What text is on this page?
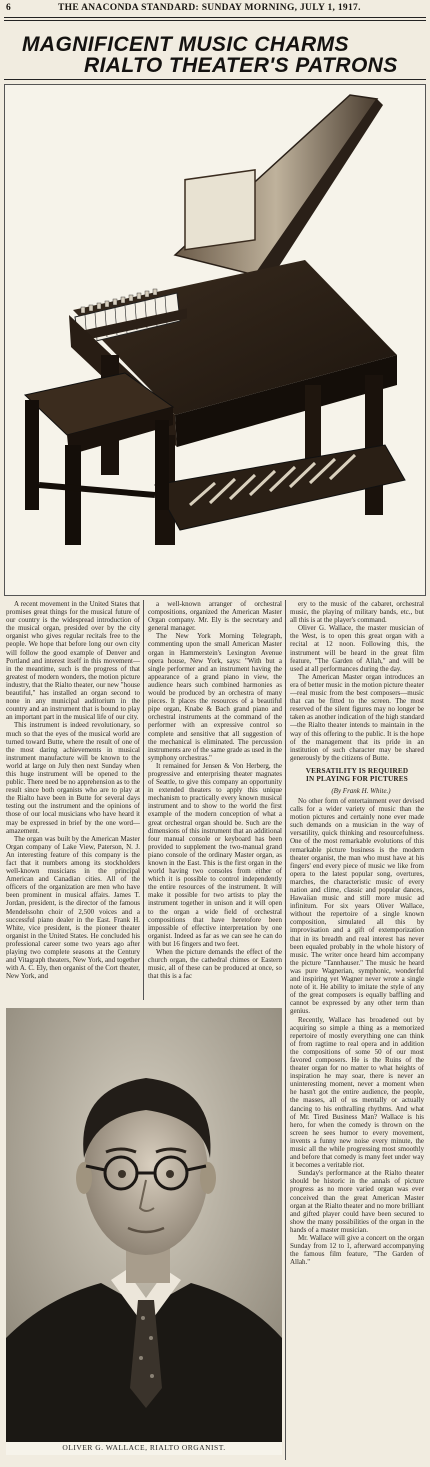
6	THE ANACONDA STANDARD: SUNDAY MORNING, JULY 1, 1917.
MAGNIFICENT MUSIC CHARMS
RIALTO THEATER'S PATRONS

A recent movement in the United States that promises great things for the musical future of our country is the widespread introduction of the musical organ, presided over by the city organist who gives regular recitals free to the people. We hope that before long our own city will follow the good example of Denver and Portland and interest itself in this movement—in the meantime, such is the progress of that greatest of modern wonders, the motion picture industry, that the Rialto theater, our new "house beautiful," has installed an organ second to none in any municipal auditorium in the country and an instrument that is bound to play an important part in the musical life of our city.

This instrument is indeed revolutionary, so much so that the eyes of the musical world are turned toward Butte, where the result of one of the most daring achievements in musical instrument manufacture will be known to the world at large on July then next Sunday when this huge instrument will be opened to the public. There need be no apprehension as to the result since both organists who are to play at the Rialto have been in Butte for several days testing out the instrument and the opinions of those of our local musicians who have heard it may be expressed in brief by the one word—amazement.

The organ was built by the American Master Organ company of Lake View, Paterson, N. J. An interesting feature of this company is the fact that it numbers among its stockholders well-known musicians in the principal American and Canadian cities. All of the officers of the organization are men who have been prominent in musical affairs. James T. Jordan, president, is the director of the famous Mendelssohn choir of 2,500 voices and a successful piano dealer in the East. Frank H. White, vice president, is the pioneer theater organist in the United States. He concluded his professional career some two years ago after playing two complete seasons at the Century and Vitagraph theaters, New York, and together with A. C. Ely, then organist of the Cort theater, New York, and

a well-known arranger of orchestral compositions, organized the American Master Organ company. Mr. Ely is the secretary and general manager.

The New York Morning Telegraph, commenting upon the small American Master organ in Hammerstein's Lexington Avenue opera house, New York, says: "With but a single performer and an instrument having the appearance of a grand piano in view, the audience hears such combined harmonies as would be produced by an orchestra of many pieces. It places the resources of a beautiful pipe organ, Knabe & Bach grand piano and orchestral instruments at the command of the performer with an expressive control so complete and sensitive that all suggestion of the mechanical is eliminated. The percussion instruments are of the same grade as used in the symphony orchestras."

It remained for Jensen & Von Herberg, the progressive and enterprising theater magnates of Seattle, to give this company an opportunity in extended theaters to apply this unique mechanism to practically every known musical instrument and to show to the world the first example of the modern conception of what a great orchestral organ should be. Such are the dimensions of this instrument that an additional four manual console or keyboard has been provided to supplement the two-manual grand piano console of the ordinary Master organ, as known in the East. This is the first organ in the world having two consoles from either of which it is possible to control independently the entire resources of the instrument. It will make it possible for two artists to play the instrument together in unison and it will open to the organ a wide field of orchestral compositions that have heretofore been impossible of effective interpretation by one organist. Indeed as far as we can see he can do with but 16 fingers and two feet.

When the picture demands the effect of the church organ, the cathedral chimes or Eastern music, all of these can be produced at once, so that this is a fac

ery to the music of the cabaret, orchestral music, the playing of military bands, etc., but all this is at the player's command.

Oliver G. Wallace, the master musician of the West, is to open this great organ with a recital at 12 noon. Following this, the instrument will be heard in the great film feature, "The Garden of Allah," and will be used at all performances during the day.

The American Master organ introduces an era of better music in the motion picture theater—real music from the best composers—music that can be fitted to the screen. The most reserved of the silent figures may no longer be taken as another indication of the high standard—the Rialto theater intends to maintain in the way of this offering to the public. It is the hope of the management that its pride in an institution of such character may be shared generously by the citizens of Butte.

VERSATILITY IS REQUIRED
IN PLAYING FOR PICTURES

(By Frank H. White.)

No other form of entertainment ever devised calls for a wider variety of music than the motion pictures and certainly none ever made such demands on a musician in the way of versatility, quick thinking and resourcefulness. One of the most remarkable evolutions of this remarkable picture business is the modern theater organist, the man who must have at his fingers' end every piece of music we like from opera to the latest popular song, overtures, marches, the characteristic music of every nation and clime, classic and popular dances, Hawaiian music and still more music ad infinitum. For six years Oliver Wallace, without the repertoire of a single known composition, simulated all this by improvisation and a gift of extemporization that in its breadth and real interest has never been equaled probably in the whole history of music. The writer once heard him accompany the picture "Tannhauser." The music he heard was pure Wagnerian, symphonic, wonderful and inspiring yet Wagner never wrote a single note of it. He ability to imitate the style of any of the great composers is equally baffling and cannot be expressed by any other term than genius.

Recently, Wallace has broadened out by acquiring so simple a thing as a memorized repertoire of mostly everything one can think of from ragtime to real opera and in addition the compositions of some 50 of our most favored composers. He is the Ruins of the theater organ for no matter to what heights of inspiration he may soar, there is never an uninteresting moment, never a moment when he hasn't got the entire audience, the people, the masses, all of us mentally or actually dancing to his enthralling rhythms. And what of Mr. Tired Business Man? Wallace is his hero, for when the comedy is thrown on the screen he sees humor to every movement, invents a funny new noise every minute, the music all the while progressing most smoothly and before that comedy is many feet under way it becomes a veritable riot.

Sunday's performance at the Rialto theater should be historic in the annals of picture progress as no more varied organ was ever conceived than the great American Master organ at the Rialto theater and no more brilliant and gifted player could have been secured to show the many possibilities of the organ in the hands of a master musician.

Mr. Wallace will give a concert on the organ Sunday from 12 to 1, afterward accompanying the famous film feature, "The Garden of Allah."

OLIVER G. WALLACE, RIALTO ORGANIST.
